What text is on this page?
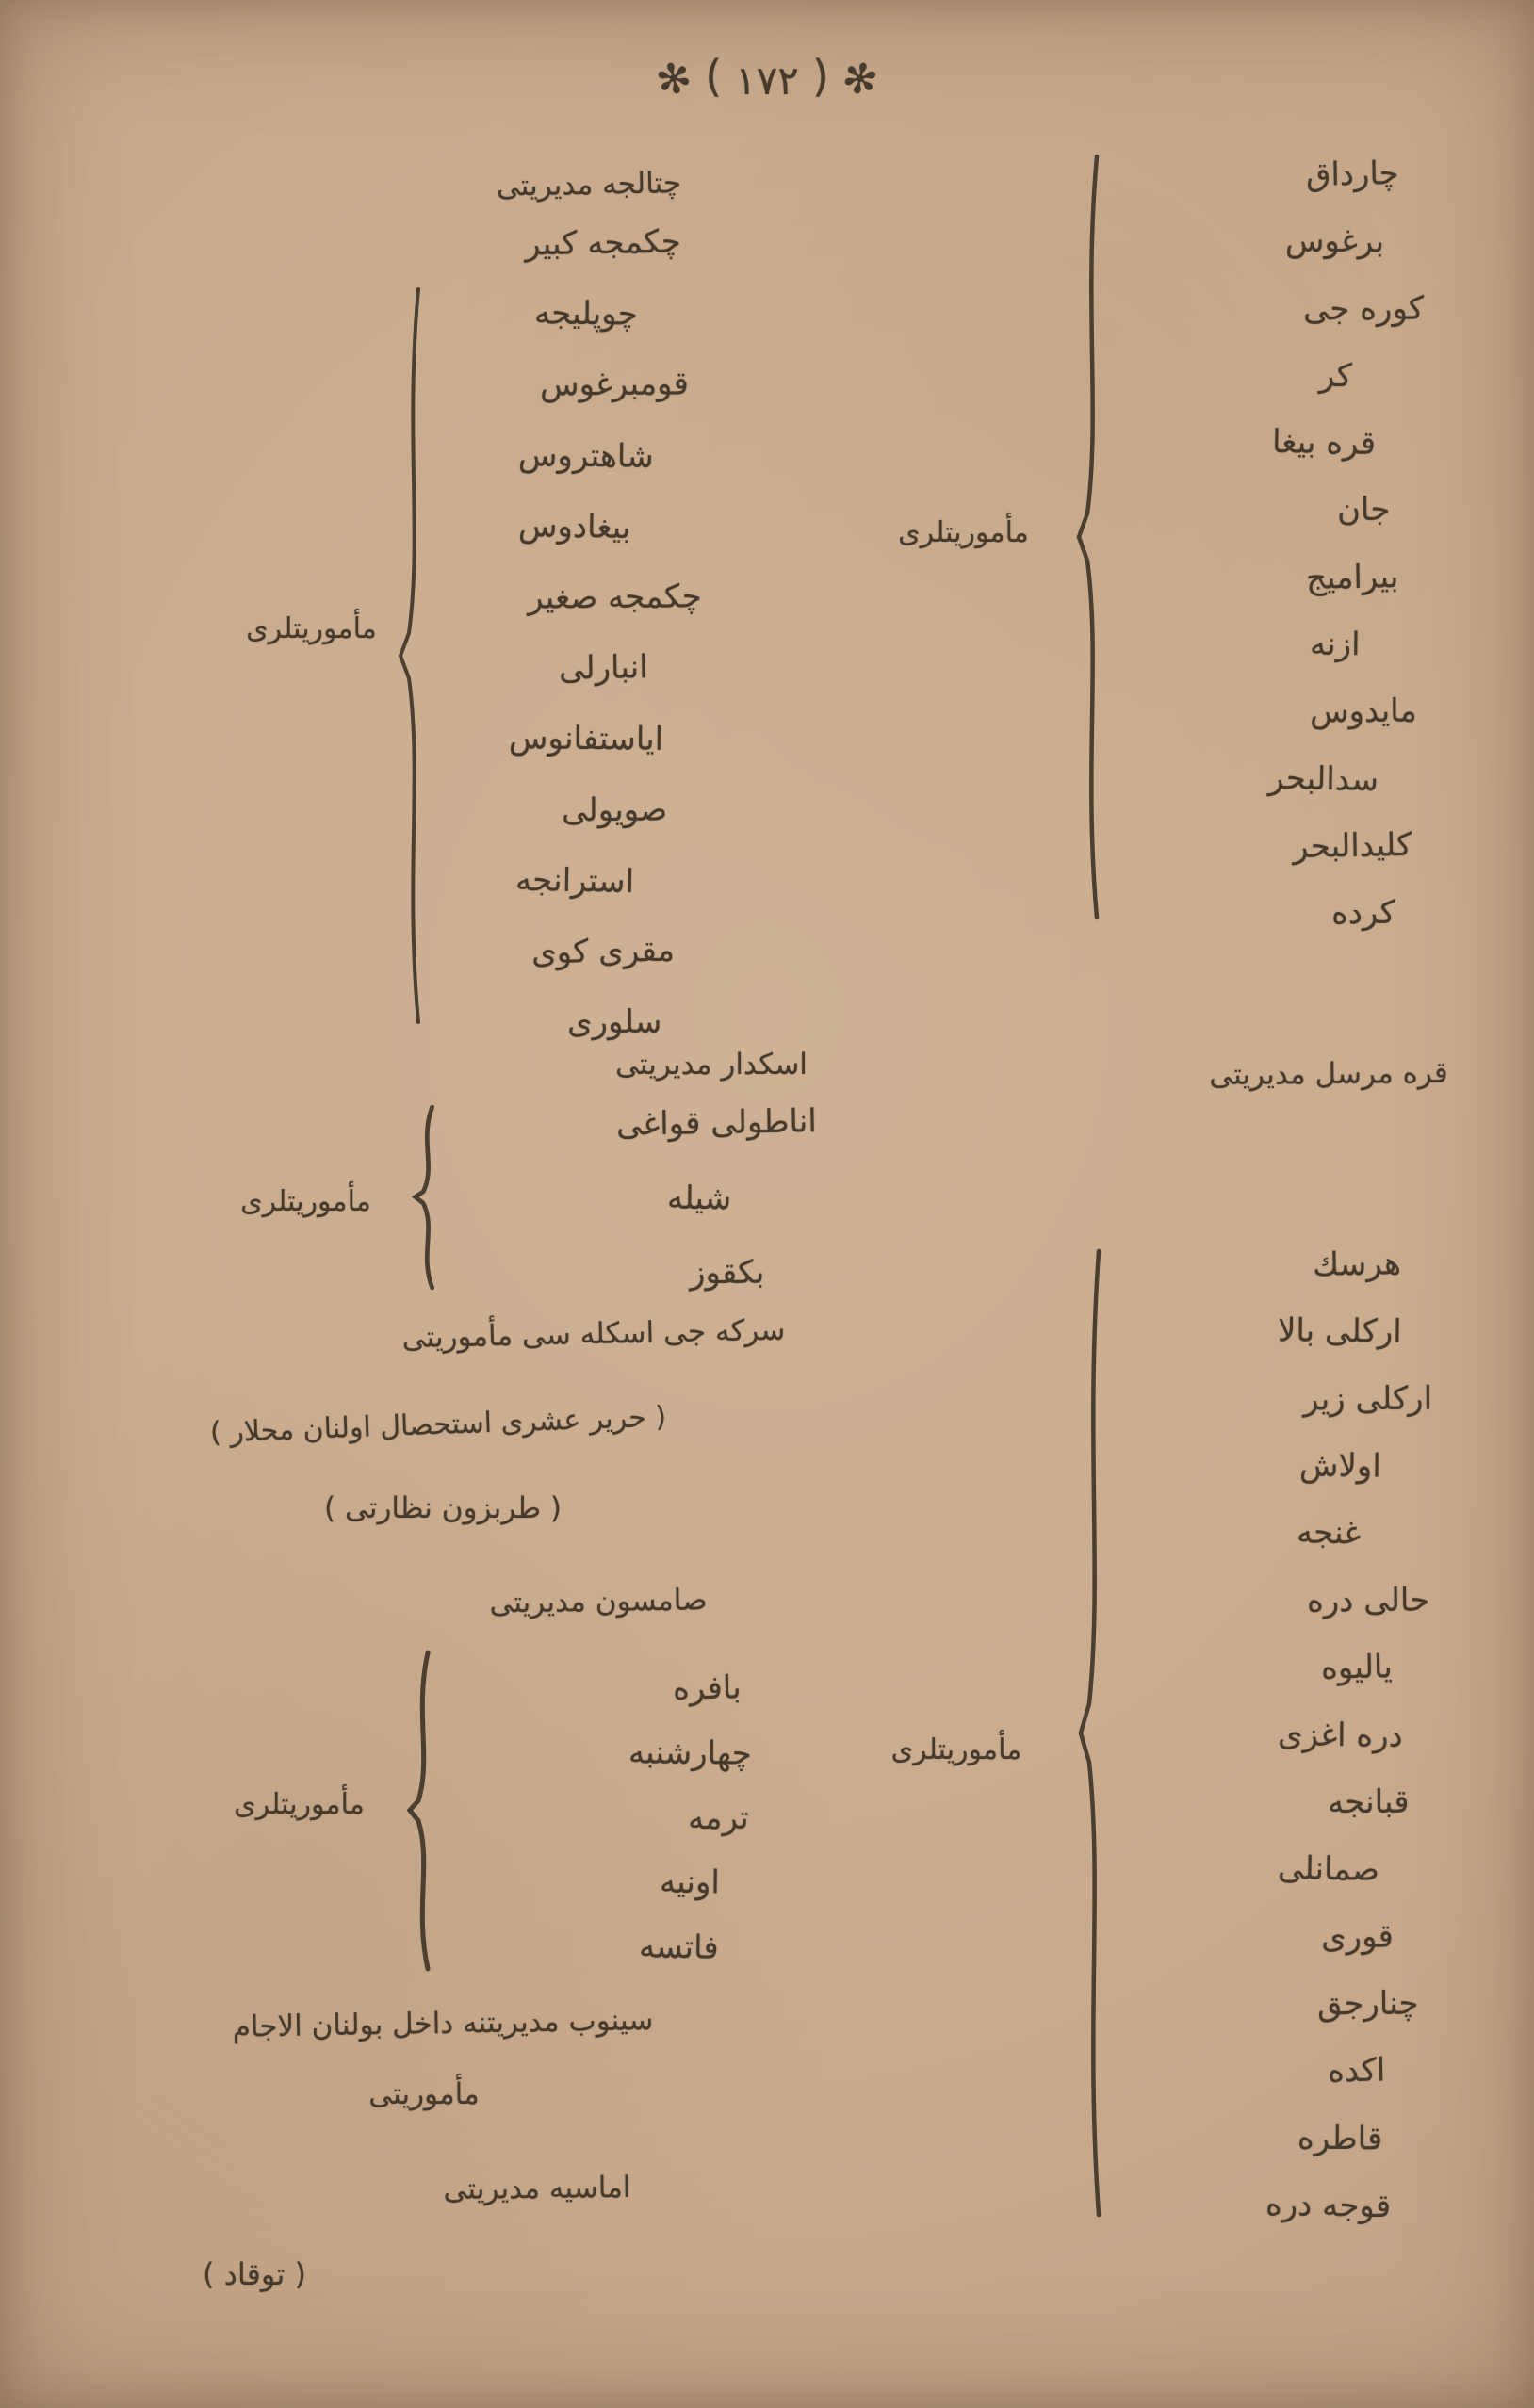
✻ ( ١٧٢ ) ✻
چارداق
برغوس
كوره جى
كر
قره بيغا
جان
بيراميج
ازنه
مايدوس
سدالبحر
كليدالبحر
كرده
مأموريتلرى
قره مرسل مديريتى
هرسك
اركلى بالا
اركلى زير
اولاش
غنجه
حالى دره
ياليوه
دره اغزى
قبانجه
صمانلى
قورى
چنارجق
اكده
قاطره
قوجه دره
مأموريتلرى
چتالجه مديريتى
چكمجه كبير
چوپليجه
قومبرغوس
شاهتروس
بيغادوس
چكمجه صغير
انبارلى
اياستفانوس
صويولى
استرانجه
مقرى كوى
سلورى
مأموريتلرى
اسكدار مديريتى
اناطولى قواغى
شيله
بكقوز
مأموريتلرى
سركه جى اسكله سى مأموريتى
( حرير عشرى استحصال اولنان محلار )
( طربزون نظارتى )
صامسون مديريتى
بافره
چهارشنبه
ترمه
اونيه
فاتسه
مأموريتلرى
سينوب مديريتنه داخل بولنان الاجام
مأموريتى
اماسيه مديريتى
( توقاد )
